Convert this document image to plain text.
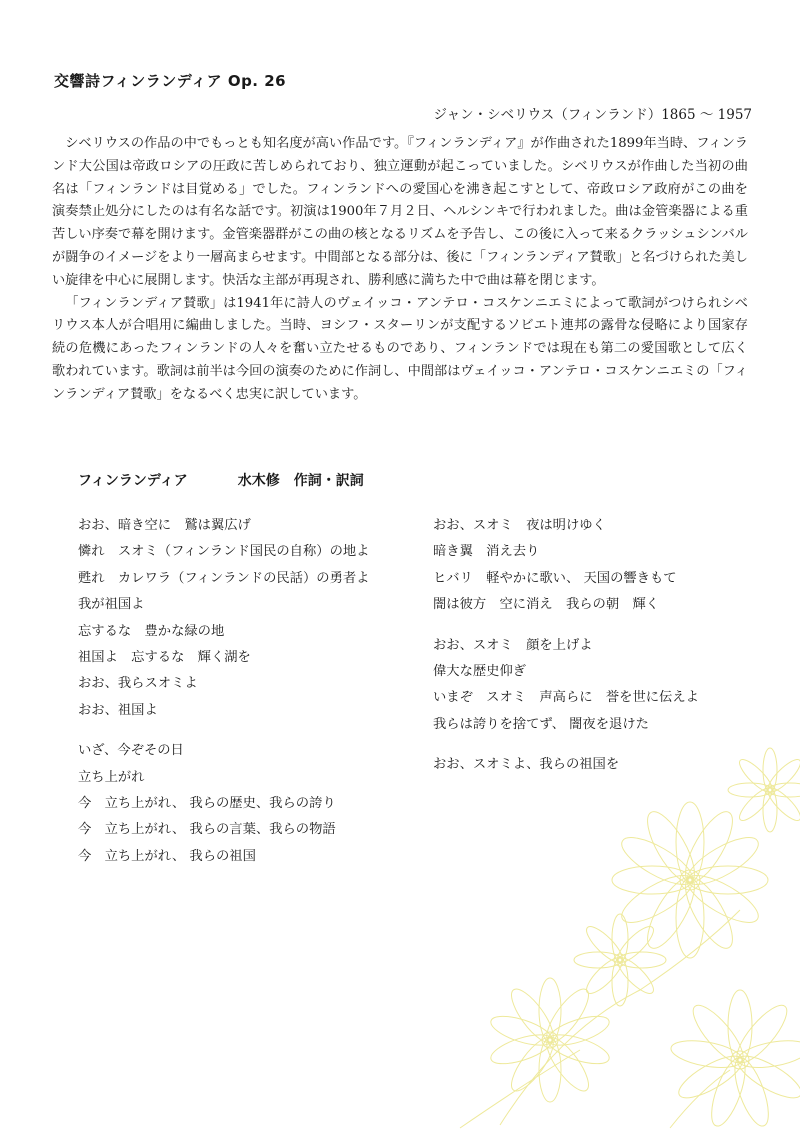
交響詩フィンランディア Op. 26
ジャン・シベリウス（フィンランド）1865 〜 1957

シベリウスの作品の中でもっとも知名度が高い作品です。『フィンランディア』が作曲された1899年当時、フィンランド大公国は帝政ロシアの圧政に苦しめられており、独立運動が起こっていました。シベリウスが作曲した当初の曲名は「フィンランドは目覚める」でした。フィンランドへの愛国心を沸き起こすとして、帝政ロシア政府がこの曲を演奏禁止処分にしたのは有名な話です。初演は1900年７月２日、ヘルシンキで行われました。曲は金管楽器による重苦しい序奏で幕を開けます。金管楽器群がこの曲の核となるリズムを予告し、この後に入って来るクラッシュシンバルが闘争のイメージをより一層高まらせます。中間部となる部分は、後に「フィンランディア賛歌」と名づけられた美しい旋律を中心に展開します。快活な主部が再現され、勝利感に満ちた中で曲は幕を閉じます。

「フィンランディア賛歌」は1941年に詩人のヴェイッコ・アンテロ・コスケンニエミによって歌詞がつけられシベリウス本人が合唱用に編曲しました。当時、ヨシフ・スターリンが支配するソビエト連邦の露骨な侵略により国家存続の危機にあったフィンランドの人々を奮い立たせるものであり、フィンランドでは現在も第二の愛国歌として広く歌われています。歌詞は前半は今回の演奏のために作詞し、中間部はヴェイッコ・アンテロ・コスケンニエミの「フィンランディア賛歌」をなるべく忠実に訳しています。

フィンランディア	水木修　作詞・訳詞
おお、暗き空に　鷲は翼広げ
憐れ　スオミ（フィンランド国民の自称）の地よ
甦れ　カレワラ（フィンランドの民話）の勇者よ
我が祖国よ
忘するな　豊かな緑の地
祖国よ　忘するな　輝く湖を
おお、我らスオミよ
おお、祖国よ
いざ、今ぞその日
立ち上がれ
今　立ち上がれ、 我らの歴史、我らの誇り
今　立ち上がれ、 我らの言葉、我らの物語
今　立ち上がれ、 我らの祖国
おお、スオミ　夜は明けゆく
暗き翼　消え去り
ヒバリ　軽やかに歌い、 天国の響きもて
闇は彼方　空に消え　我らの朝　輝く
おお、スオミ　顔を上げよ
偉大な歴史仰ぎ
いまぞ　スオミ　声高らに　誉を世に伝えよ
我らは誇りを捨てず、 闇夜を退けた
おお、スオミよ、我らの祖国を
